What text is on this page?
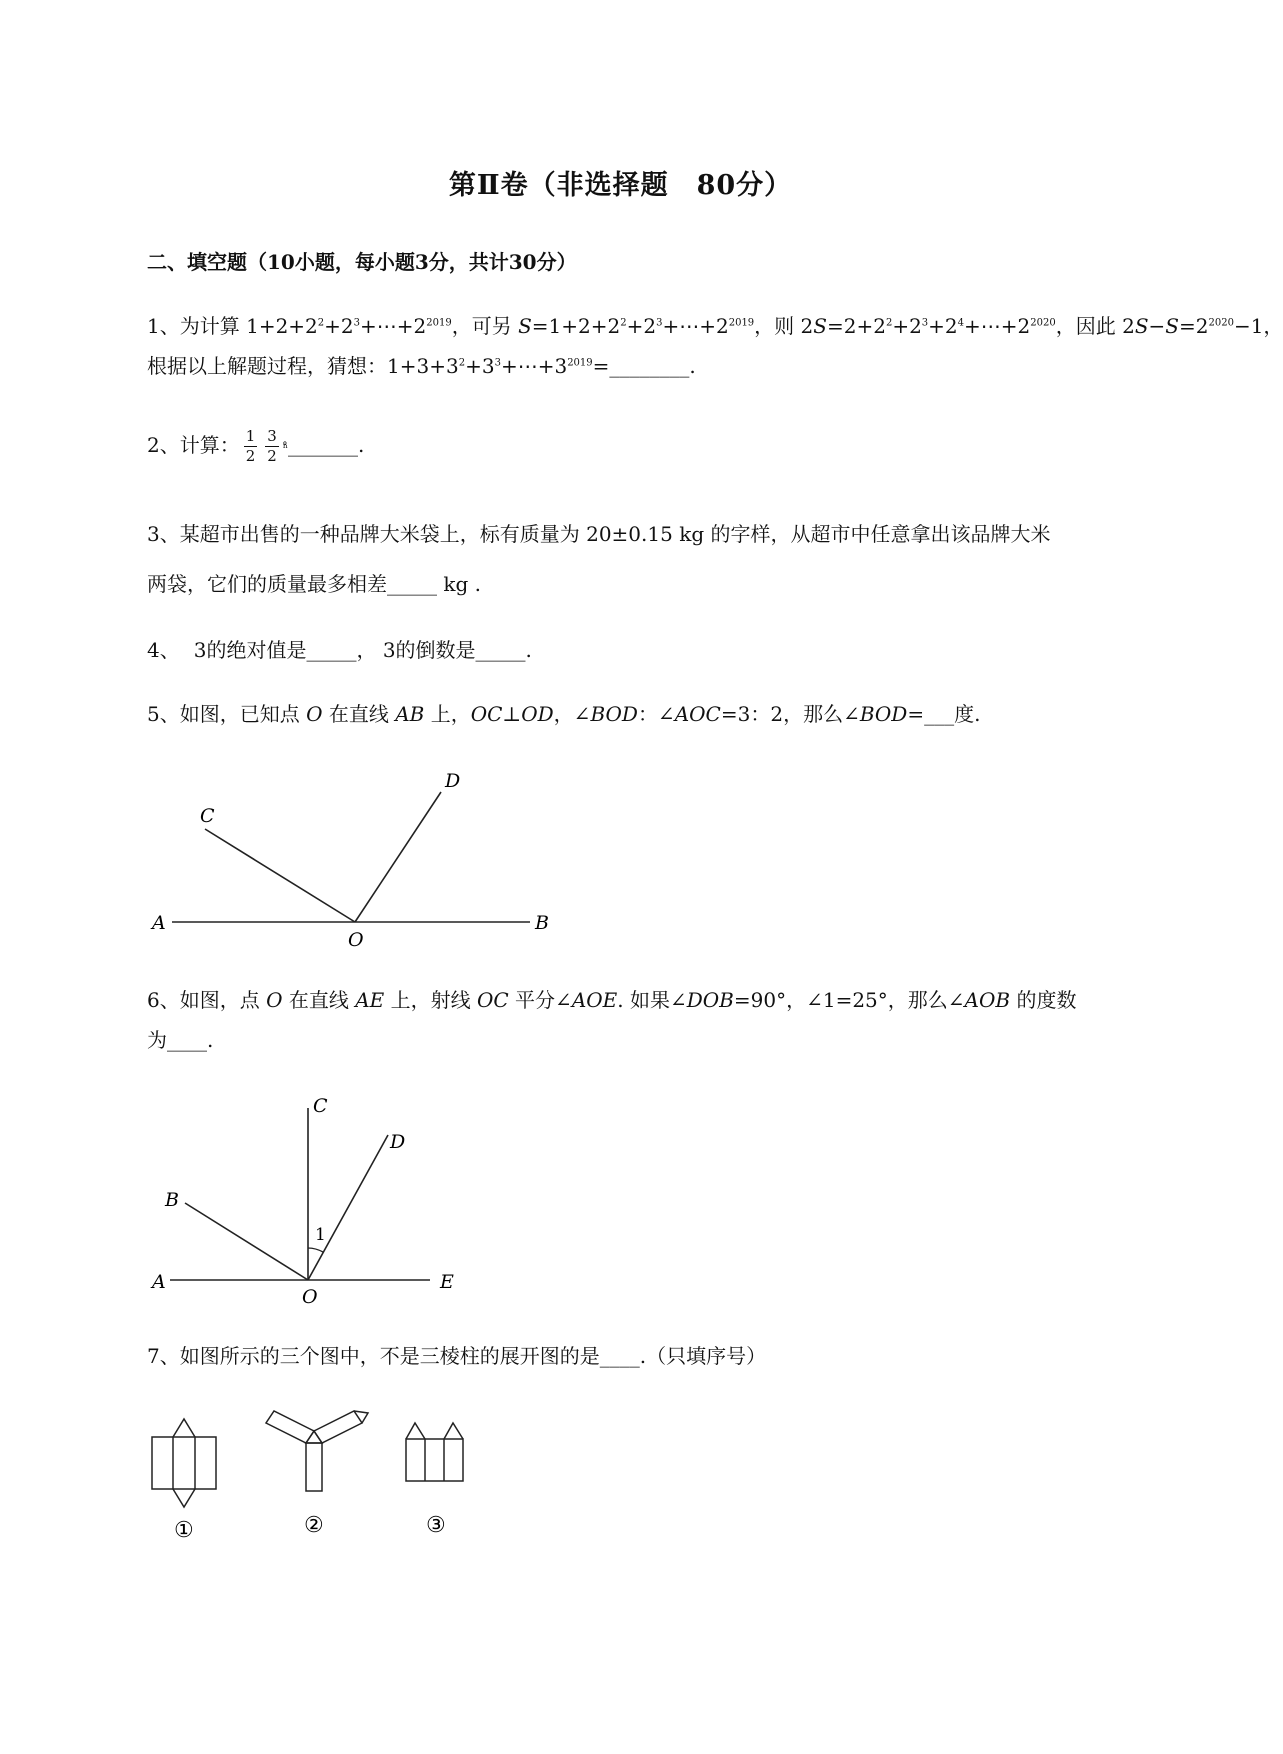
第Ⅱ卷（非选择题　80分）
二、填空题（10小题，每小题3分，共计30分）
1、为计算 $1+2+2^2+2^3+\cdots+2^{2019}$，可另 $S=1+2+2^2+2^3+\cdots+2^{2019}$，则 $2S=2+2^2+2^3+2^4+\cdots+2^{2020}$，因此 $2S-S=2^{2020}-1$，
根据以上解题过程，猜想：$1+3+3^2+3^3+\cdots+3^{2019}=\_\_\_\_\_\_\_\_$.
2、计算： $\frac{1}{2} \frac{3}{2}$ ⁿ̊_______.
3、某超市出售的一种品牌大米袋上，标有质量为 20±0.15 kg 的字样，从超市中任意拿出该品牌大米
两袋，它们的质量最多相差_____ kg .
4、 3的绝对值是_____， 3的倒数是_____.
5、如图，已知点 O 在直线 AB 上，OC⊥OD，∠BOD：∠AOC=3：2，那么∠BOD=___度.
A	B
C
D
O
6、如图，点 O 在直线 AE 上，射线 OC 平分∠AOE. 如果∠DOB=90°，∠1=25°，那么∠AOB 的度数
为____.
A	E
B
C
D
O
1
7、如图所示的三个图中，不是三棱柱的展开图的是____.（只填序号）
①	②	③
